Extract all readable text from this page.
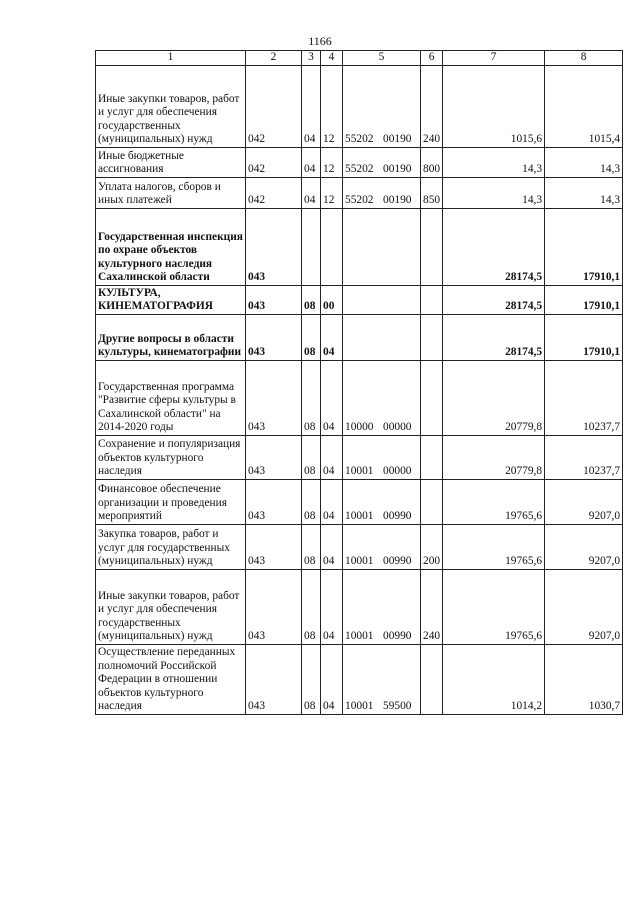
1166
1	2	3	4	5	6	7	8
Иные закупки товаров, работ и услуг для обеспечения государственных (муниципальных) нужд	042	04	12	55202 00190	240	1015,6	1015,4
Иные бюджетные ассигнования	042	04	12	55202 00190	800	14,3	14,3
Уплата налогов, сборов и иных платежей	042	04	12	55202 00190	850	14,3	14,3
Государственная инспекция по охране объектов культурного наследия Сахалинской области	043					28174,5	17910,1
КУЛЬТУРА, КИНЕМАТОГРАФИЯ	043	08	00			28174,5	17910,1
Другие вопросы в области культуры, кинематографии	043	08	04			28174,5	17910,1
Государственная программа "Развитие сферы культуры в Сахалинской области" на 2014-2020 годы	043	08	04	10000 00000		20779,8	10237,7
Сохранение и популяризация объектов культурного наследия	043	08	04	10001 00000		20779,8	10237,7
Финансовое обеспечение организации и проведения мероприятий	043	08	04	10001 00990		19765,6	9207,0
Закупка товаров, работ и услуг для государственных (муниципальных) нужд	043	08	04	10001 00990	200	19765,6	9207,0
Иные закупки товаров, работ и услуг для обеспечения государственных (муниципальных) нужд	043	08	04	10001 00990	240	19765,6	9207,0
Осуществление переданных полномочий Российской Федерации в отношении объектов культурного наследия	043	08	04	10001 59500		1014,2	1030,7
